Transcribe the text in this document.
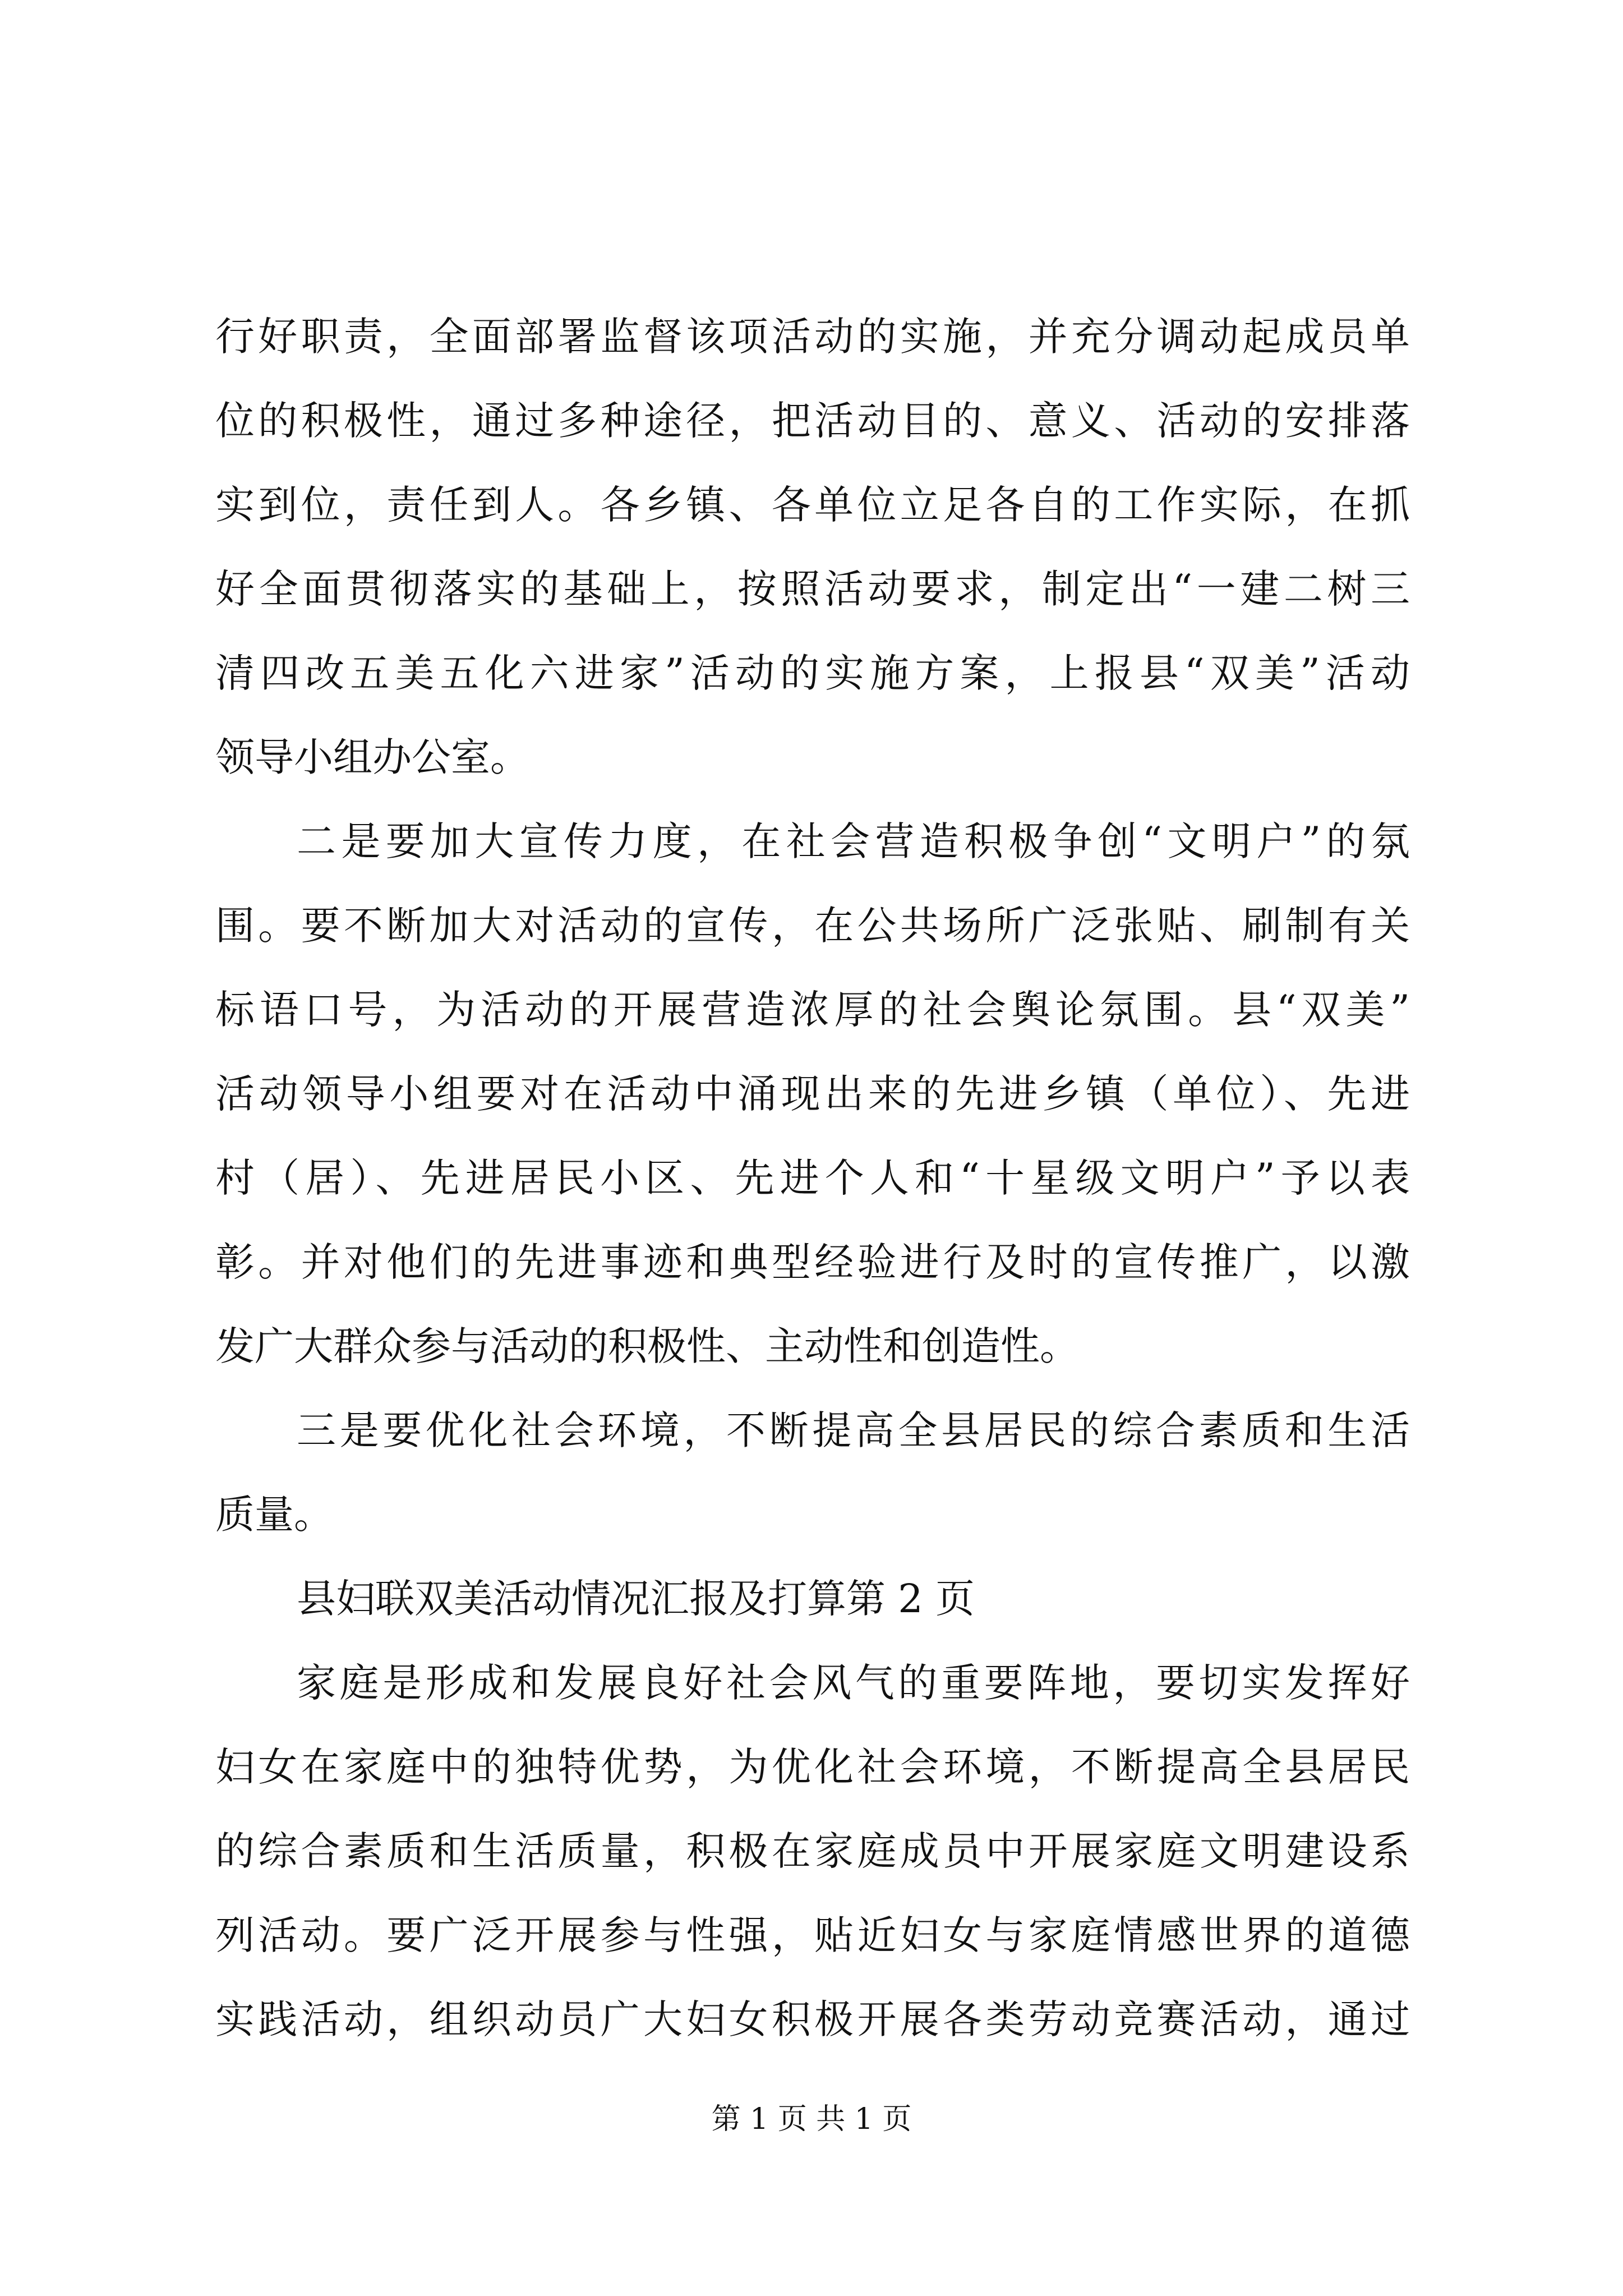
行好职责，全面部署监督该项活动的实施，并充分调动起成员单
位的积极性，通过多种途径，把活动目的、意义、活动的安排落
实到位，责任到人。各乡镇、各单位立足各自的工作实际，在抓
好全面贯彻落实的基础上，按照活动要求，制定出“一建二树三
清四改五美五化六进家”活动的实施方案，上报县“双美”活动
领导小组办公室。
二是要加大宣传力度，在社会营造积极争创“文明户”的氛
围。要不断加大对活动的宣传，在公共场所广泛张贴、刷制有关
标语口号，为活动的开展营造浓厚的社会舆论氛围。县“双美”
活动领导小组要对在活动中涌现出来的先进乡镇（单位）、先进
村（居）、先进居民小区、先进个人和“十星级文明户”予以表
彰。并对他们的先进事迹和典型经验进行及时的宣传推广，以激
发广大群众参与活动的积极性、主动性和创造性。
三是要优化社会环境，不断提高全县居民的综合素质和生活
质量。
县妇联双美活动情况汇报及打算第 2 页
家庭是形成和发展良好社会风气的重要阵地，要切实发挥好
妇女在家庭中的独特优势，为优化社会环境，不断提高全县居民
的综合素质和生活质量，积极在家庭成员中开展家庭文明建设系
列活动。要广泛开展参与性强，贴近妇女与家庭情感世界的道德
实践活动，组织动员广大妇女积极开展各类劳动竞赛活动，通过
第 1 页 共 1 页
